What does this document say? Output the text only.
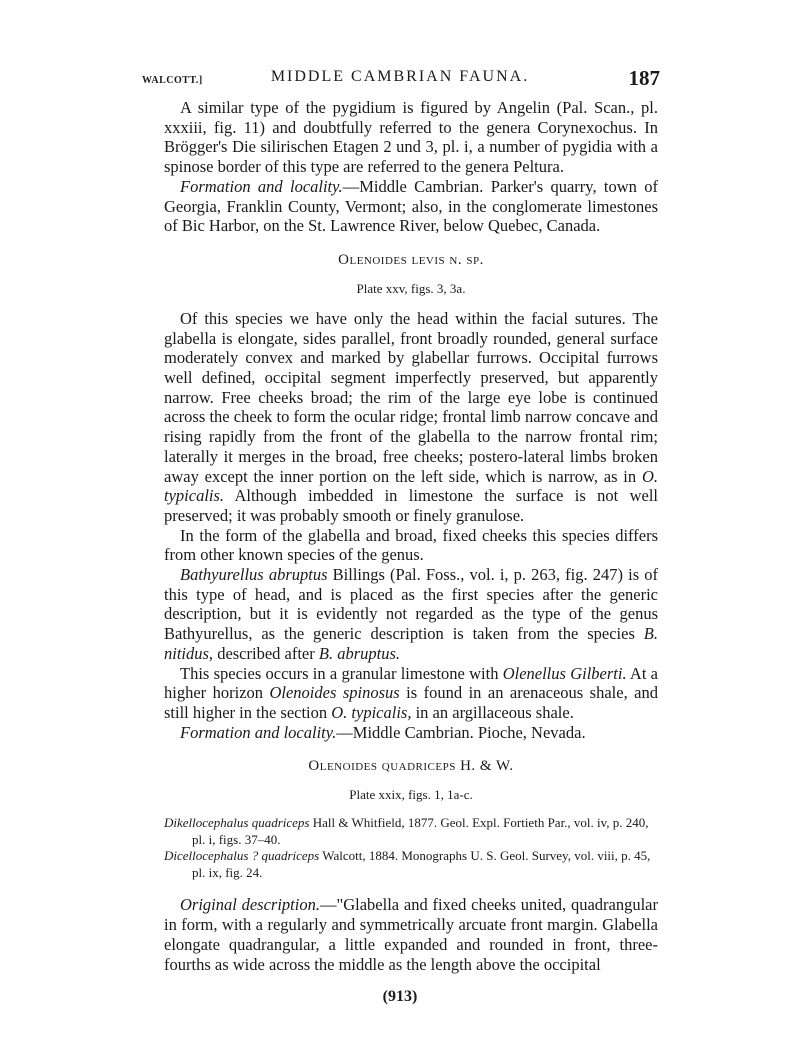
WALCOTT.]	MIDDLE CAMBRIAN FAUNA.	187

A similar type of the pygidium is figured by Angelin (Pal. Scan., pl. xxxiii, fig. 11) and doubtfully referred to the genera Corynexochus. In Brögger's Die silirischen Etagen 2 und 3, pl. i, a number of pygidia with a spinose border of this type are referred to the genera Peltura.

Formation and locality.—Middle Cambrian. Parker's quarry, town of Georgia, Franklin County, Vermont; also, in the conglomerate limestones of Bic Harbor, on the St. Lawrence River, below Quebec, Canada.

Olenoides levis n. sp.
Plate xxv, figs. 3, 3a.

Of this species we have only the head within the facial sutures. The glabella is elongate, sides parallel, front broadly rounded, general surface moderately convex and marked by glabellar furrows. Occipital furrows well defined, occipital segment imperfectly preserved, but apparently narrow. Free cheeks broad; the rim of the large eye lobe is continued across the cheek to form the ocular ridge; frontal limb narrow concave and rising rapidly from the front of the glabella to the narrow frontal rim; laterally it merges in the broad, free cheeks; postero-lateral limbs broken away except the inner portion on the left side, which is narrow, as in O. typicalis. Although imbedded in limestone the surface is not well preserved; it was probably smooth or finely granulose.

In the form of the glabella and broad, fixed cheeks this species differs from other known species of the genus.

Bathyurellus abruptus Billings (Pal. Foss., vol. i, p. 263, fig. 247) is of this type of head, and is placed as the first species after the generic description, but it is evidently not regarded as the type of the genus Bathyurellus, as the generic description is taken from the species B. nitidus, described after B. abruptus.

This species occurs in a granular limestone with Olenellus Gilberti. At a higher horizon Olenoides spinosus is found in an arenaceous shale, and still higher in the section O. typicalis, in an argillaceous shale.

Formation and locality.—Middle Cambrian. Pioche, Nevada.

Olenoides quadriceps H. & W.
Plate xxix, figs. 1, 1a-c.

Dikellocephalus quadriceps Hall & Whitfield, 1877. Geol. Expl. Fortieth Par., vol. iv, p. 240, pl. i, figs. 37–40.

Dicellocephalus ? quadriceps Walcott, 1884. Monographs U. S. Geol. Survey, vol. viii, p. 45, pl. ix, fig. 24.

Original description.—"Glabella and fixed cheeks united, quadrangular in form, with a regularly and symmetrically arcuate front margin. Glabella elongate quadrangular, a little expanded and rounded in front, three-fourths as wide across the middle as the length above the occipital

(913)
